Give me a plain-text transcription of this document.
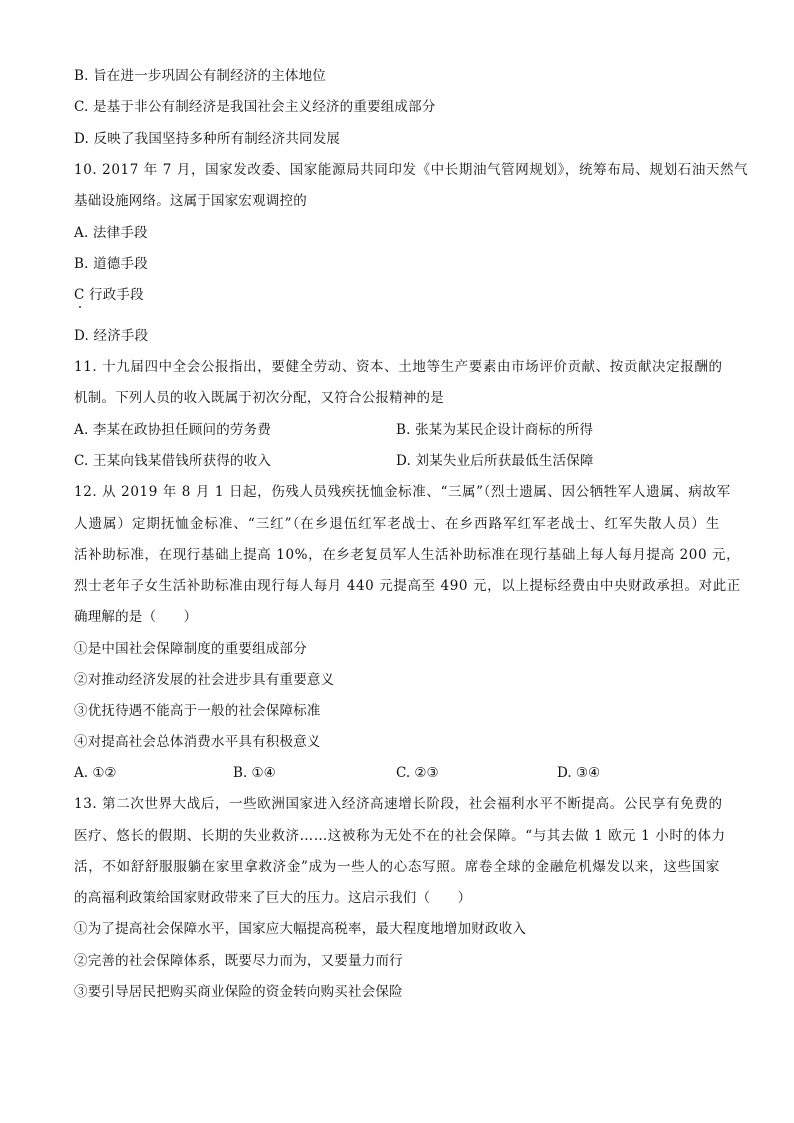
B. 旨在进一步巩固公有制经济的主体地位
C. 是基于非公有制经济是我国社会主义经济的重要组成部分
D. 反映了我国坚持多种所有制经济共同发展
10. 2017 年 7 月，国家发改委、国家能源局共同印发《中长期油气管网规划》，统筹布局、规划石油天然气
基础设施网络。这属于国家宏观调控的
A. 法律手段
B. 道德手段
C 行政手段
D. 经济手段
11. 十九届四中全会公报指出，要健全劳动、资本、土地等生产要素由市场评价贡献、按贡献决定报酬的
机制。下列人员的收入既属于初次分配，又符合公报精神的是
A. 李某在政协担任顾问的劳务费	B. 张某为某民企设计商标的所得
C. 王某向钱某借钱所获得的收入	D. 刘某失业后所获最低生活保障
12. 从 2019 年 8 月 1 日起，伤残人员残疾抚恤金标准、“三属”（烈士遗属、因公牺牲军人遗属、病故军
人遗属）定期抚恤金标准、“三红”（在乡退伍红军老战士、在乡西路军红军老战士、红军失散人员）生
活补助标准，在现行基础上提高 10%，在乡老复员军人生活补助标准在现行基础上每人每月提高 200 元，
烈士老年子女生活补助标准由现行每人每月 440 元提高至 490 元，以上提标经费由中央财政承担。对此正
确理解的是（　　）
①是中国社会保障制度的重要组成部分
②对推动经济发展的社会进步具有重要意义
③优抚待遇不能高于一般的社会保障标准
④对提高社会总体消费水平具有积极意义
A. ①②	B. ①④	C. ②③	D. ③④
13. 第二次世界大战后，一些欧洲国家进入经济高速增长阶段，社会福利水平不断提高。公民享有免费的
医疗、悠长的假期、长期的失业救济……这被称为无处不在的社会保障。“与其去做 1 欧元 1 小时的体力
活，不如舒舒服服躺在家里拿救济金”成为一些人的心态写照。席卷全球的金融危机爆发以来，这些国家
的高福利政策给国家财政带来了巨大的压力。这启示我们（　　）
①为了提高社会保障水平，国家应大幅提高税率，最大程度地增加财政收入
②完善的社会保障体系，既要尽力而为，又要量力而行
③要引导居民把购买商业保险的资金转向购买社会保险
